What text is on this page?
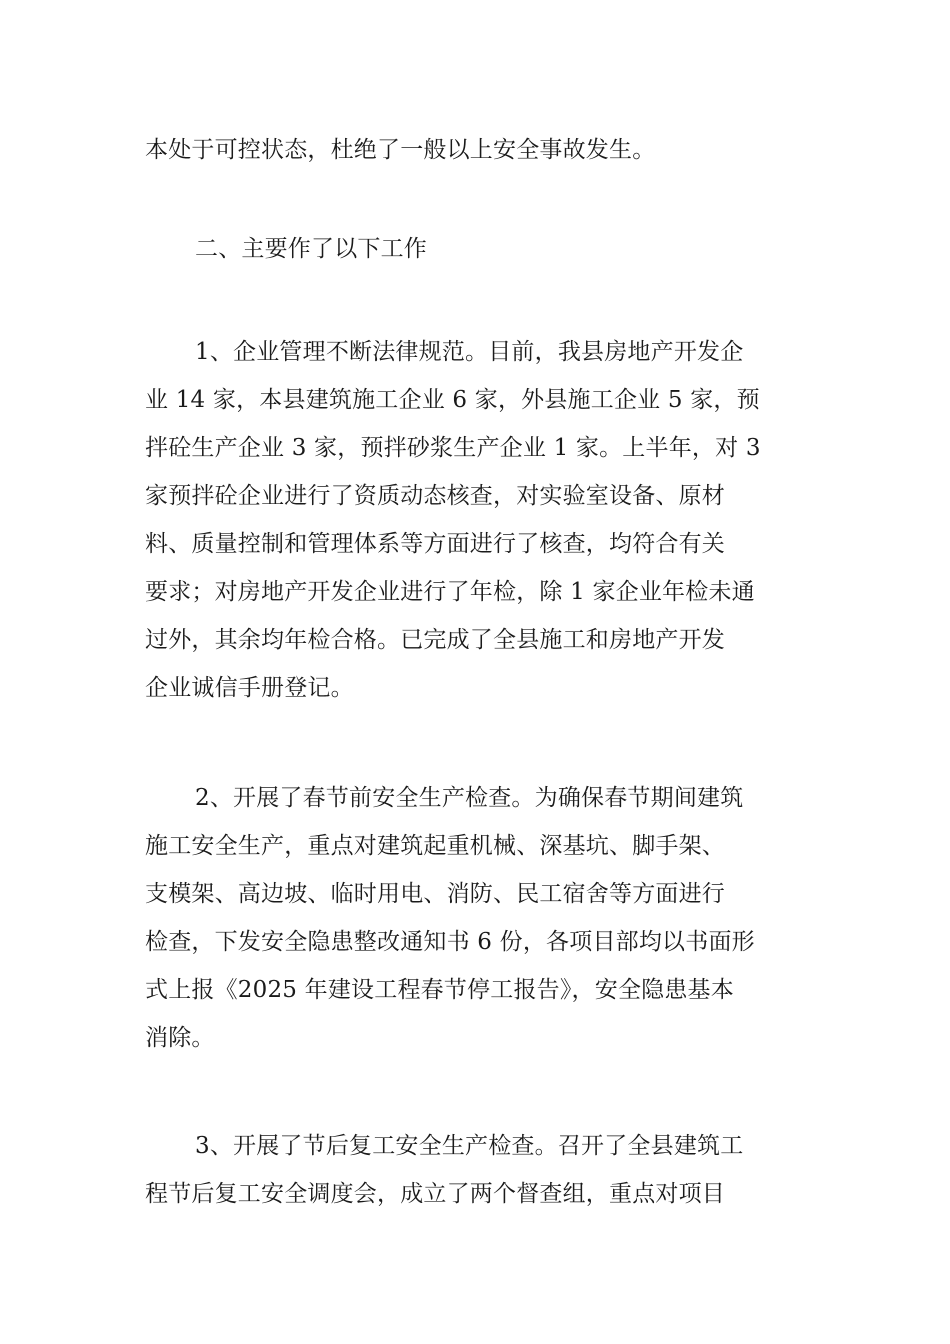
本处于可控状态，杜绝了一般以上安全事故发生。
二、主要作了以下工作
1、企业管理不断法律规范。目前，我县房地产开发企
业 14 家，本县建筑施工企业 6 家，外县施工企业 5 家，预
拌砼生产企业 3 家，预拌砂浆生产企业 1 家。上半年，对 3
家预拌砼企业进行了资质动态核查，对实验室设备、原材
料、质量控制和管理体系等方面进行了核查，均符合有关
要求；对房地产开发企业进行了年检，除 1 家企业年检未通
过外，其余均年检合格。已完成了全县施工和房地产开发
企业诚信手册登记。
2、开展了春节前安全生产检查。为确保春节期间建筑
施工安全生产，重点对建筑起重机械、深基坑、脚手架、
支模架、高边坡、临时用电、消防、民工宿舍等方面进行
检查，下发安全隐患整改通知书 6 份，各项目部均以书面形
式上报《2025 年建设工程春节停工报告》，安全隐患基本
消除。
3、开展了节后复工安全生产检查。召开了全县建筑工
程节后复工安全调度会，成立了两个督查组，重点对项目
